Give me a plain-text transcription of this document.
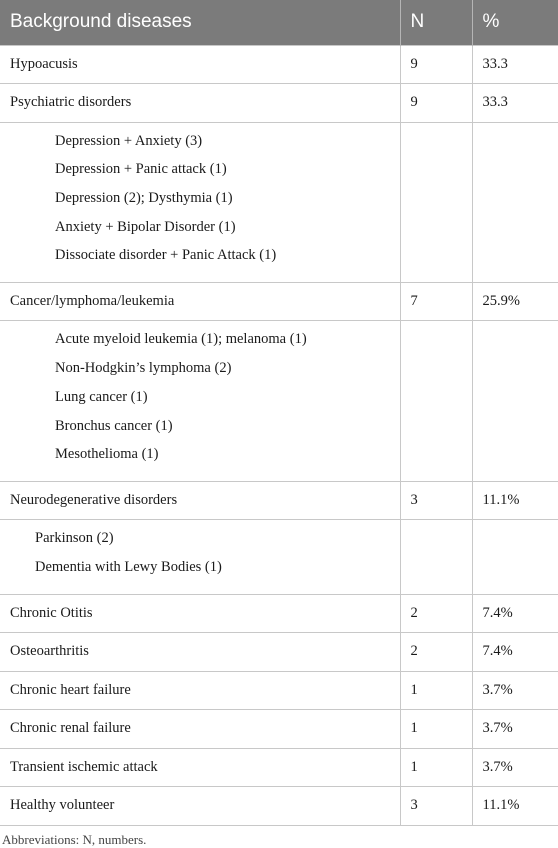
Background diseases	N	%
Hypoacusis	9	33.3
Psychiatric disorders	9	33.3

Depression + Anxiety (3)
Depression + Panic attack (1)
Depression (2); Dysthymia (1)
Anxiety + Bipolar Disorder (1)
Dissociate disorder + Panic Attack (1)		

Cancer/lymphoma/leukemia	7	25.9%

Acute myeloid leukemia (1); melanoma (1)
Non-Hodgkin’s lymphoma (2)
Lung cancer (1)
Bronchus cancer (1)
Mesothelioma (1)		

Neurodegenerative disorders	3	11.1%

Parkinson (2)
Dementia with Lewy Bodies (1)		

Chronic Otitis	2	7.4%
Osteoarthritis	2	7.4%
Chronic heart failure	1	3.7%
Chronic renal failure	1	3.7%
Transient ischemic attack	1	3.7%
Healthy volunteer	3	11.1%
Abbreviations: N, numbers.
